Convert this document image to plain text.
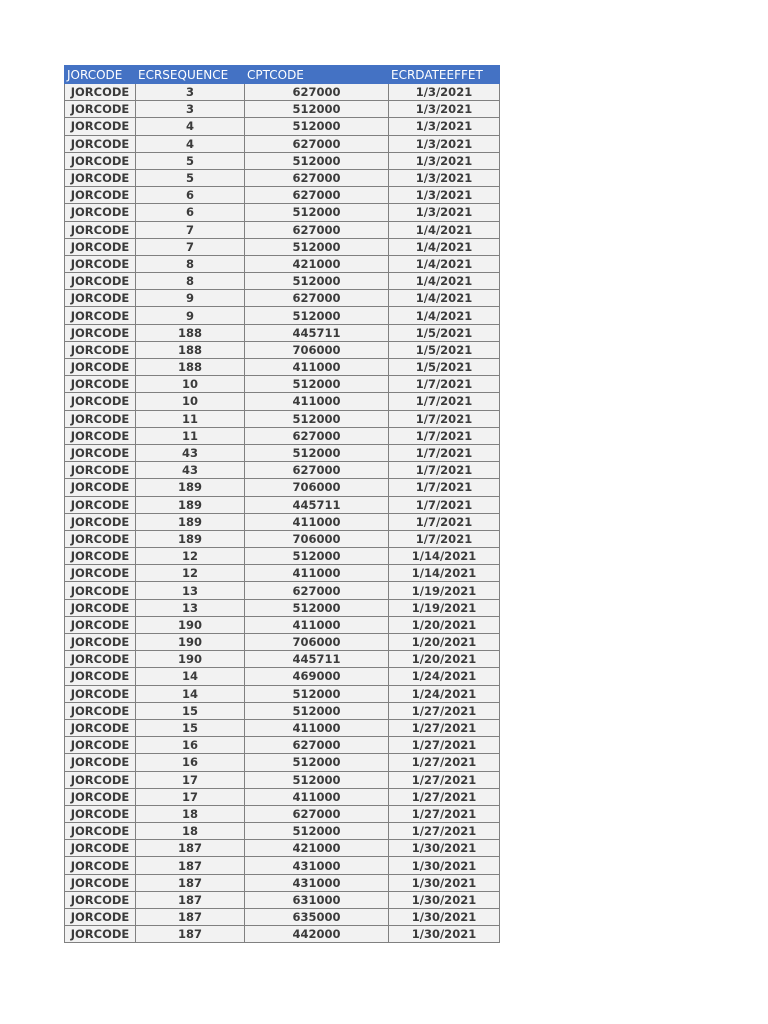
JORCODE	ECRSEQUENCE	CPTCODE	ECRDATEEFFET
JORCODE	3	627000	1/3/2021
JORCODE	3	512000	1/3/2021
JORCODE	4	512000	1/3/2021
JORCODE	4	627000	1/3/2021
JORCODE	5	512000	1/3/2021
JORCODE	5	627000	1/3/2021
JORCODE	6	627000	1/3/2021
JORCODE	6	512000	1/3/2021
JORCODE	7	627000	1/4/2021
JORCODE	7	512000	1/4/2021
JORCODE	8	421000	1/4/2021
JORCODE	8	512000	1/4/2021
JORCODE	9	627000	1/4/2021
JORCODE	9	512000	1/4/2021
JORCODE	188	445711	1/5/2021
JORCODE	188	706000	1/5/2021
JORCODE	188	411000	1/5/2021
JORCODE	10	512000	1/7/2021
JORCODE	10	411000	1/7/2021
JORCODE	11	512000	1/7/2021
JORCODE	11	627000	1/7/2021
JORCODE	43	512000	1/7/2021
JORCODE	43	627000	1/7/2021
JORCODE	189	706000	1/7/2021
JORCODE	189	445711	1/7/2021
JORCODE	189	411000	1/7/2021
JORCODE	189	706000	1/7/2021
JORCODE	12	512000	1/14/2021
JORCODE	12	411000	1/14/2021
JORCODE	13	627000	1/19/2021
JORCODE	13	512000	1/19/2021
JORCODE	190	411000	1/20/2021
JORCODE	190	706000	1/20/2021
JORCODE	190	445711	1/20/2021
JORCODE	14	469000	1/24/2021
JORCODE	14	512000	1/24/2021
JORCODE	15	512000	1/27/2021
JORCODE	15	411000	1/27/2021
JORCODE	16	627000	1/27/2021
JORCODE	16	512000	1/27/2021
JORCODE	17	512000	1/27/2021
JORCODE	17	411000	1/27/2021
JORCODE	18	627000	1/27/2021
JORCODE	18	512000	1/27/2021
JORCODE	187	421000	1/30/2021
JORCODE	187	431000	1/30/2021
JORCODE	187	431000	1/30/2021
JORCODE	187	631000	1/30/2021
JORCODE	187	635000	1/30/2021
JORCODE	187	442000	1/30/2021
